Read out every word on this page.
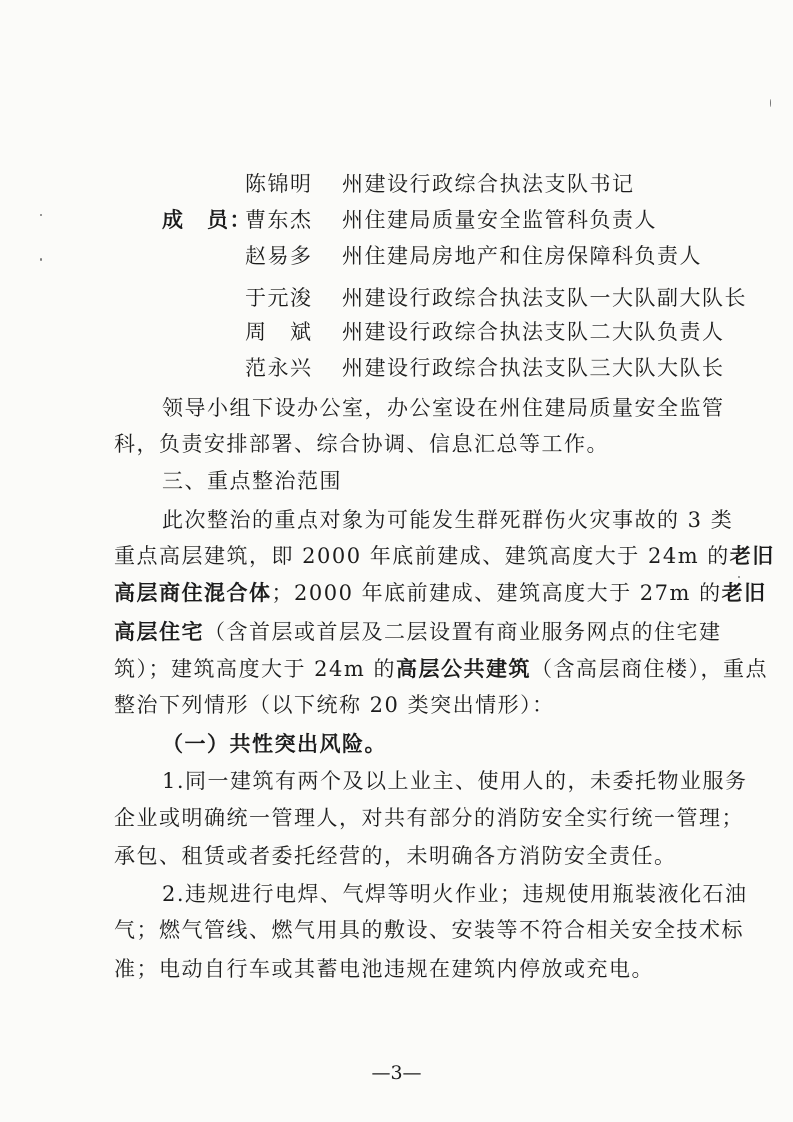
陈锦明 州建设行政综合执法支队书记
成　员：
曹东杰 州住建局质量安全监管科负责人
赵易多 州住建局房地产和住房保障科负责人
于元浚 州建设行政综合执法支队一大队副大队长
周　斌 州建设行政综合执法支队二大队负责人
范永兴 州建设行政综合执法支队三大队大队长
领导小组下设办公室，办公室设在州住建局质量安全监管
科，负责安排部署、综合协调、信息汇总等工作。
三、重点整治范围
此次整治的重点对象为可能发生群死群伤火灾事故的 3 类
重点高层建筑，即 2000 年底前建成、建筑高度大于 24m 的老旧
高层商住混合体；2000 年底前建成、建筑高度大于 27m 的老旧
高层住宅（含首层或首层及二层设置有商业服务网点的住宅建
筑）；建筑高度大于 24m 的高层公共建筑（含高层商住楼），重点
整治下列情形（以下统称 20 类突出情形）：
（一）共性突出风险。
1.同一建筑有两个及以上业主、使用人的，未委托物业服务
企业或明确统一管理人，对共有部分的消防安全实行统一管理；
承包、租赁或者委托经营的，未明确各方消防安全责任。
2.违规进行电焊、气焊等明火作业；违规使用瓶装液化石油
气；燃气管线、燃气用具的敷设、安装等不符合相关安全技术标
准；电动自行车或其蓄电池违规在建筑内停放或充电。
—3—
